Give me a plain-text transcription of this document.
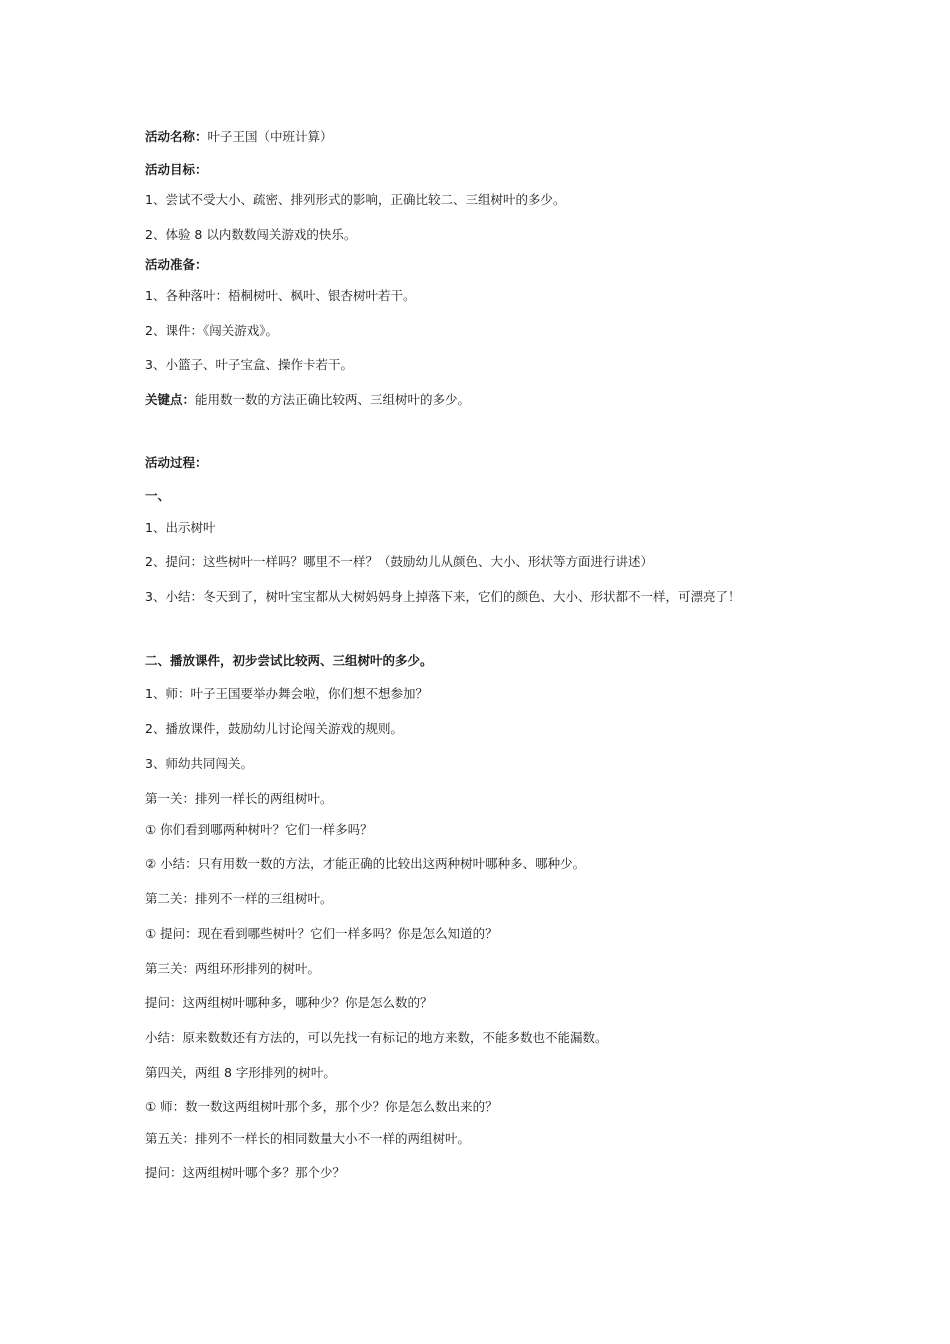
活动名称：叶子王国（中班计算）
活动目标：
1、尝试不受大小、疏密、排列形式的影响，正确比较二、三组树叶的多少。
2、体验 8 以内数数闯关游戏的快乐。
活动准备：
1、各种落叶：梧桐树叶、枫叶、银杏树叶若干。
2、课件：《闯关游戏》。
3、小篮子、叶子宝盒、操作卡若干。
关键点：能用数一数的方法正确比较两、三组树叶的多少。
活动过程：
一、
1、出示树叶
2、提问：这些树叶一样吗？哪里不一样？（鼓励幼儿从颜色、大小、形状等方面进行讲述）
3、小结：冬天到了，树叶宝宝都从大树妈妈身上掉落下来，它们的颜色、大小、形状都不一样，可漂亮了！
二、播放课件，初步尝试比较两、三组树叶的多少。
1、师：叶子王国要举办舞会啦，你们想不想参加？
2、播放课件，鼓励幼儿讨论闯关游戏的规则。
3、师幼共同闯关。
第一关：排列一样长的两组树叶。
① 你们看到哪两种树叶？它们一样多吗？
② 小结：只有用数一数的方法，才能正确的比较出这两种树叶哪种多、哪种少。
第二关：排列不一样的三组树叶。
① 提问：现在看到哪些树叶？它们一样多吗？你是怎么知道的？
第三关：两组环形排列的树叶。
提问：这两组树叶哪种多，哪种少？你是怎么数的？
小结：原来数数还有方法的，可以先找一有标记的地方来数，不能多数也不能漏数。
第四关，两组 8 字形排列的树叶。
① 师：数一数这两组树叶那个多，那个少？你是怎么数出来的？
第五关：排列不一样长的相同数量大小不一样的两组树叶。
提问：这两组树叶哪个多？那个少？
